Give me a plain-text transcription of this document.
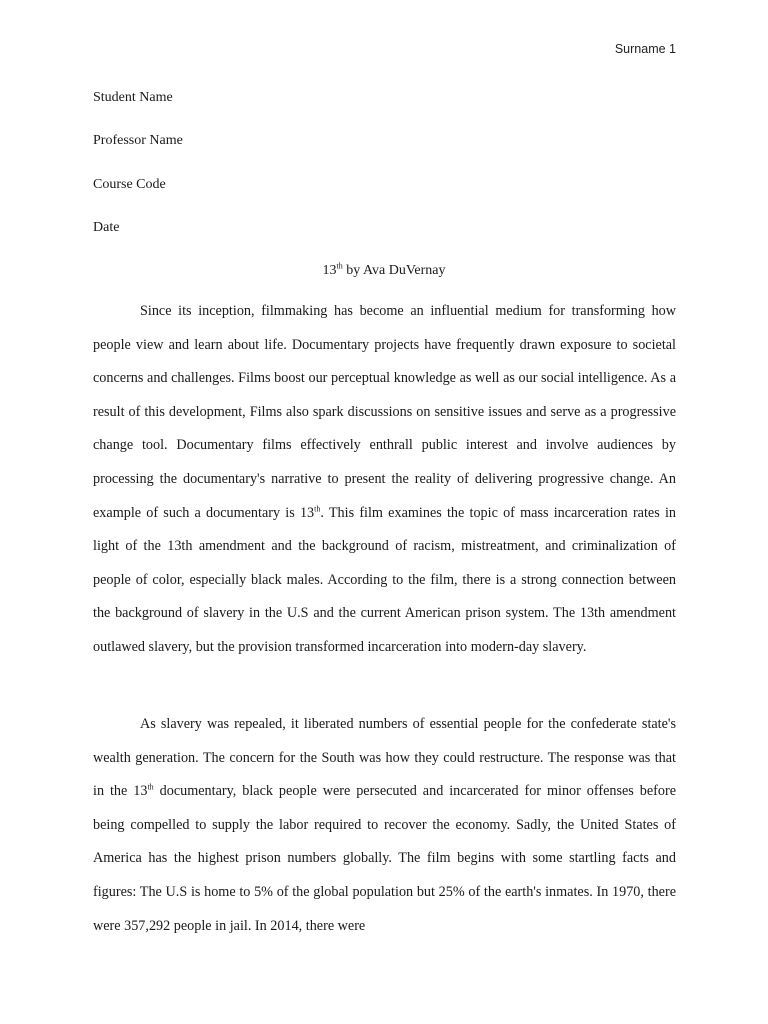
Surname 1
Student Name
Professor Name
Course Code
Date
13th by Ava DuVernay

Since its inception, filmmaking has become an influential medium for transforming how people view and learn about life. Documentary projects have frequently drawn exposure to societal concerns and challenges. Films boost our perceptual knowledge as well as our social intelligence. As a result of this development, Films also spark discussions on sensitive issues and serve as a progressive change tool. Documentary films effectively enthrall public interest and involve audiences by processing the documentary's narrative to present the reality of delivering progressive change. An example of such a documentary is 13th. This film examines the topic of mass incarceration rates in light of the 13th amendment and the background of racism, mistreatment, and criminalization of people of color, especially black males. According to the film, there is a strong connection between the background of slavery in the U.S and the current American prison system. The 13th amendment outlawed slavery, but the provision transformed incarceration into modern-day slavery.

As slavery was repealed, it liberated numbers of essential people for the confederate state's wealth generation. The concern for the South was how they could restructure. The response was that in the 13th documentary, black people were persecuted and incarcerated for minor offenses before being compelled to supply the labor required to recover the economy. Sadly, the United States of America has the highest prison numbers globally. The film begins with some startling facts and figures: The U.S is home to 5% of the global population but 25% of the earth's inmates. In 1970, there were 357,292 people in jail. In 2014, there were
